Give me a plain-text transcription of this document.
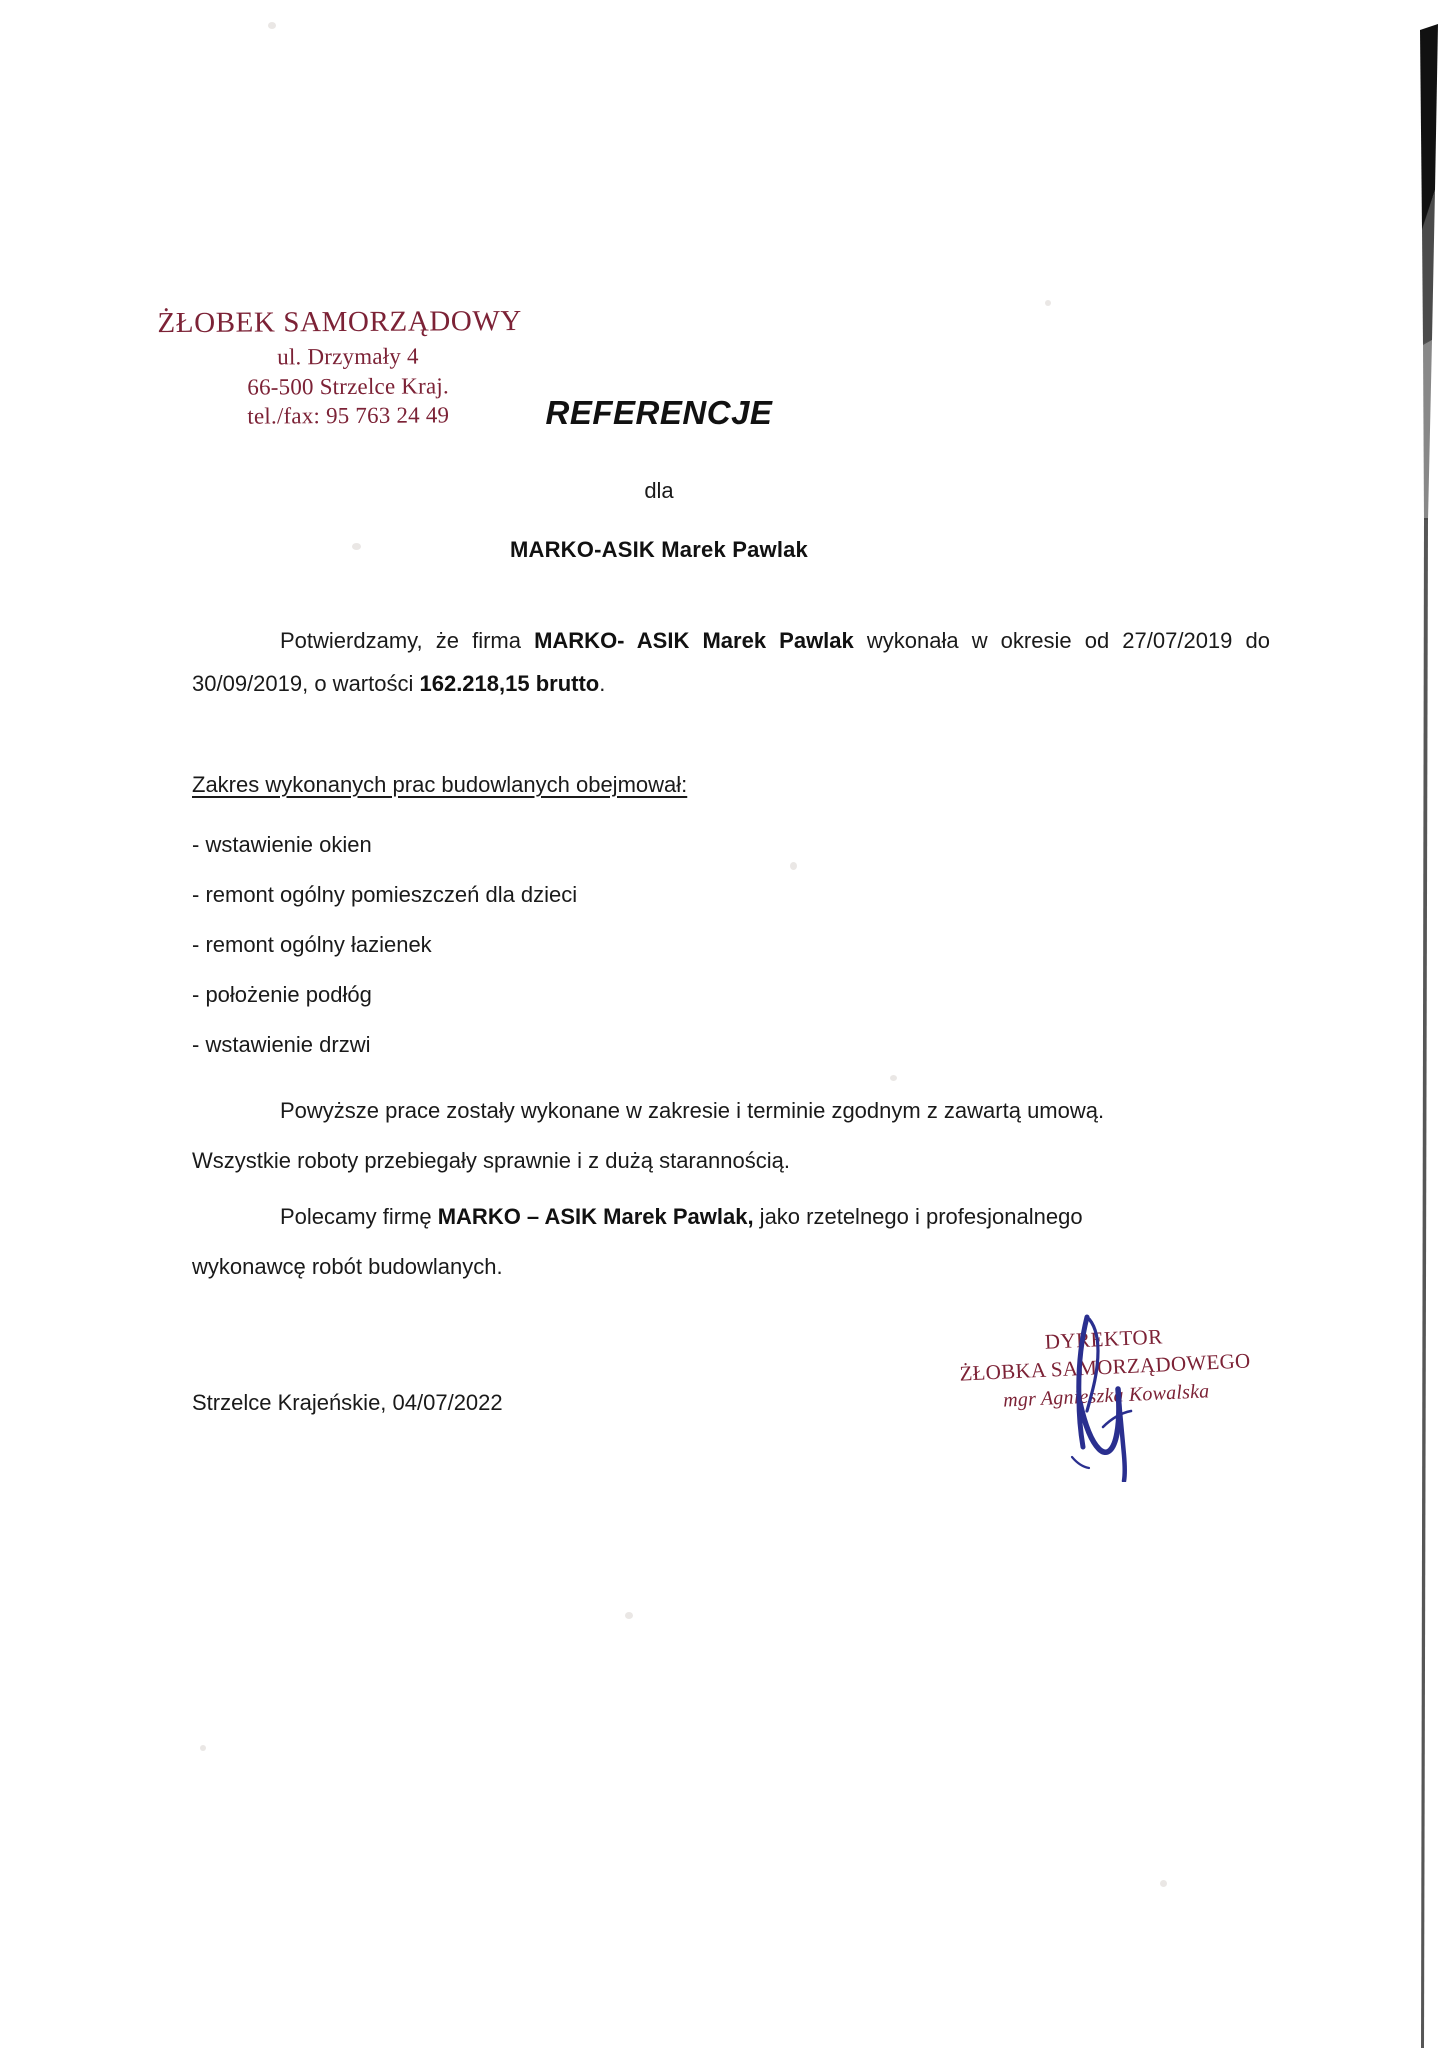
ŻŁOBEK SAMORZĄDOWY
ul. Drzymały 4
66-500 Strzelce Kraj.
tel./fax: 95 763 24 49	REFERENCJE
dla
MARKO-ASIK Marek Pawlak
Potwierdzamy, że firma MARKO- ASIK Marek Pawlak wykonała w okresie od 27/07/2019 do 30/09/2019, o wartości 162.218,15 brutto.
Zakres wykonanych prac budowlanych obejmował:
- wstawienie okien
- remont ogólny pomieszczeń dla dzieci
- remont ogólny łazienek
- położenie podłóg
- wstawienie drzwi
Powyższe prace zostały wykonane w zakresie i terminie zgodnym z zawartą umową.
Wszystkie roboty przebiegały sprawnie i z dużą starannością.
Polecamy firmę MARKO – ASIK Marek Pawlak, jako rzetelnego i profesjonalnego
wykonawcę robót budowlanych.
Strzelce Krajeńskie, 04/07/2022
DYREKTOR
ŻŁOBKA SAMORZĄDOWEGO
mgr Agnieszka Kowalska
